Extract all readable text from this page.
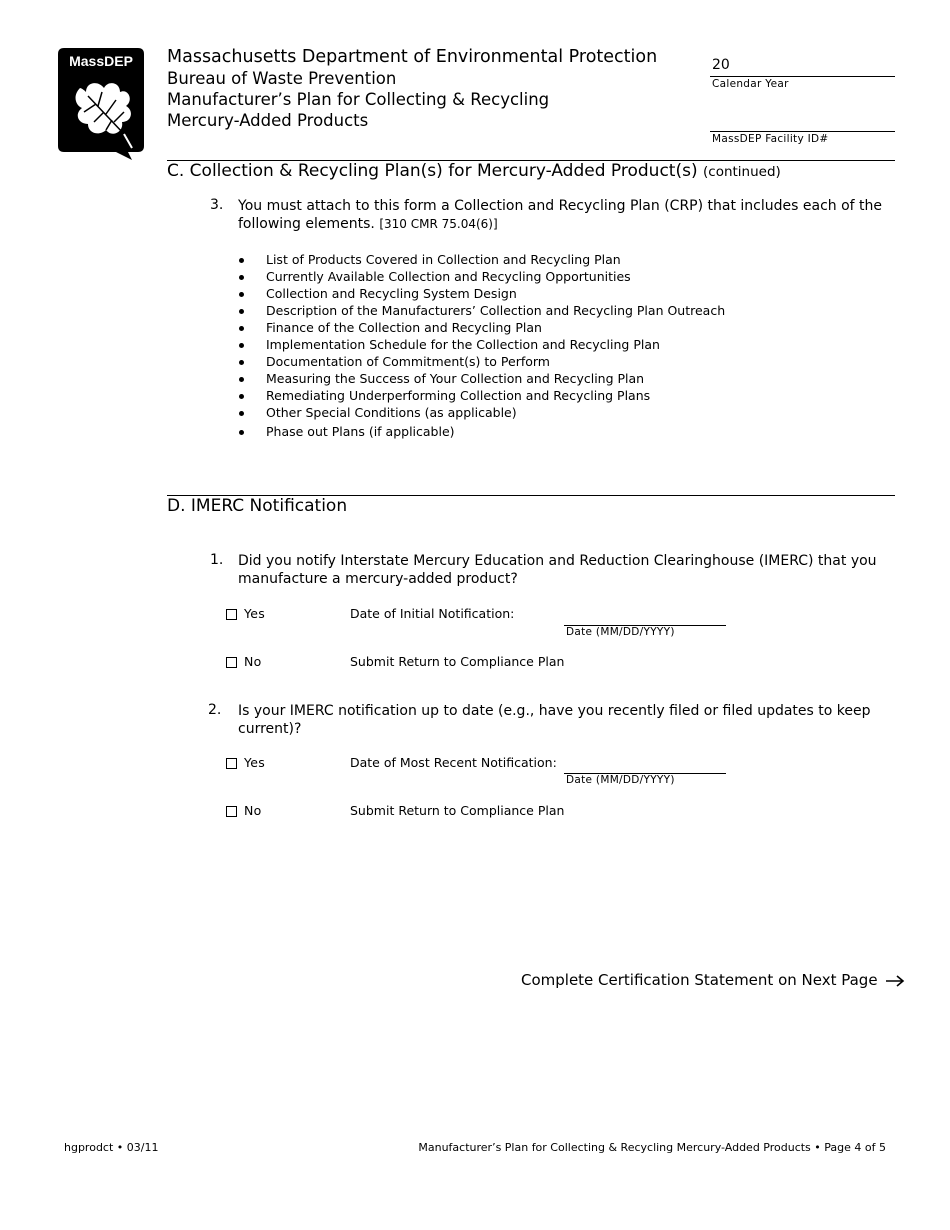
MassDEP Massachusetts Department of Environmental Protection
Bureau of Waste Prevention
Manufacturer’s Plan for Collecting & Recycling
Mercury-Added Products
20
Calendar Year
MassDEP Facility ID#
C. Collection & Recycling Plan(s) for Mercury-Added Product(s) (continued)
3. You must attach to this form a Collection and Recycling Plan (CRP) that includes each of the following elements. [310 CMR 75.04(6)]
List of Products Covered in Collection and Recycling Plan
Currently Available Collection and Recycling Opportunities
Collection and Recycling System Design
Description of the Manufacturers’ Collection and Recycling Plan Outreach
Finance of the Collection and Recycling Plan
Implementation Schedule for the Collection and Recycling Plan
Documentation of Commitment(s) to Perform
Measuring the Success of Your Collection and Recycling Plan
Remediating Underperforming Collection and Recycling Plans
Other Special Conditions (as applicable)
Phase out Plans (if applicable)
D. IMERC Notification
1. Did you notify Interstate Mercury Education and Reduction Clearinghouse (IMERC) that you manufacture a mercury-added product?
Yes	Date of Initial Notification:
Date (MM/DD/YYYY)
No	Submit Return to Compliance Plan
2. Is your IMERC notification up to date (e.g., have you recently filed or filed updates to keep current)?
Yes	Date of Most Recent Notification:
Date (MM/DD/YYYY)
No	Submit Return to Compliance Plan
Complete Certification Statement on Next Page
hgprodct • 03/11	Manufacturer’s Plan for Collecting & Recycling Mercury-Added Products • Page 4 of 5
